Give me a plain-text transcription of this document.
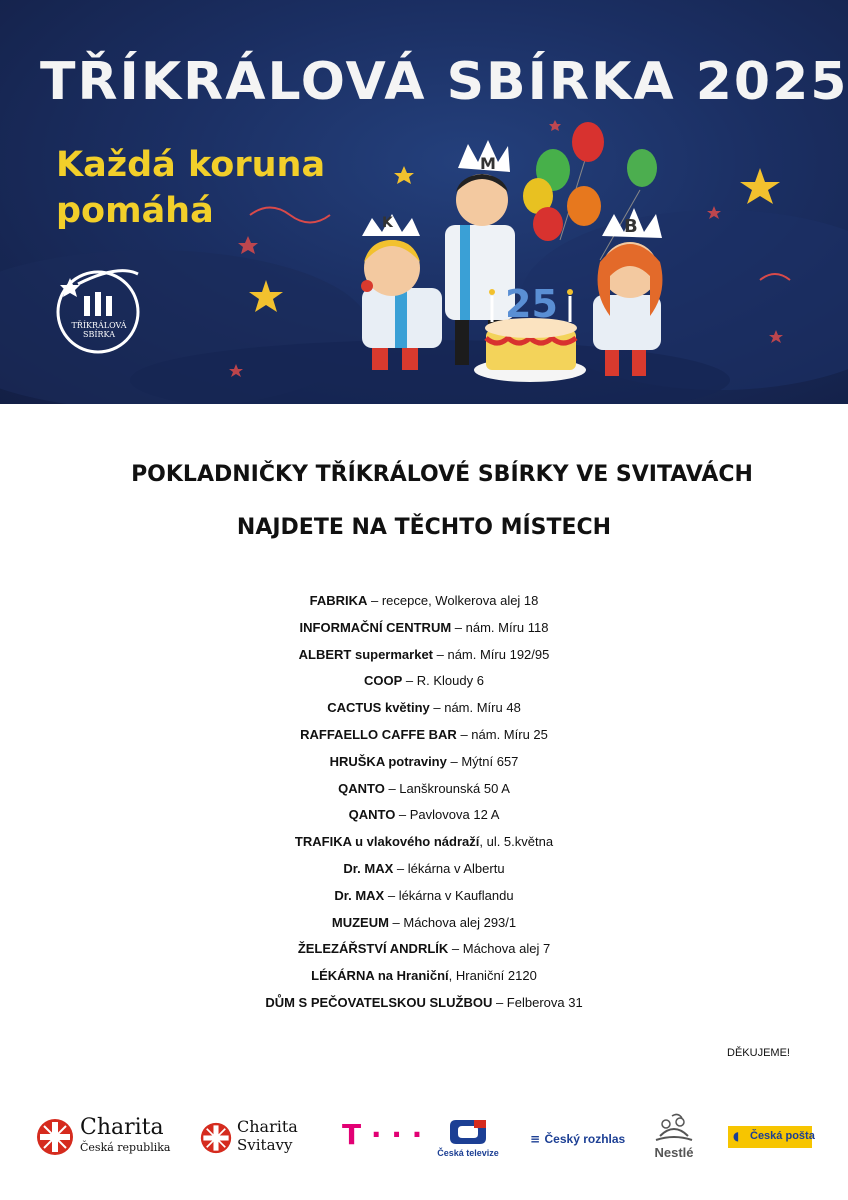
K
M
B
25
TŘÍKRÁLOVÁ SBÍRKA 2025
Každá koruna
pomáhá
TŘÍKRÁLOVÁ
SBÍRKA
POKLADNIČKY TŘÍKRÁLOVÉ SBÍRKY VE SVITAVÁCH
NAJDETE NA TĚCHTO MÍSTECH
FABRIKA – recepce, Wolkerova alej 18
INFORMAČNÍ CENTRUM – nám. Míru 118
ALBERT supermarket – nám. Míru 192/95
COOP – R. Kloudy 6
CACTUS květiny – nám. Míru 48
RAFFAELLO CAFFE BAR – nám. Míru 25
HRUŠKA potraviny – Mýtní 657
QANTO – Lanškrounská 50 A
QANTO – Pavlovova 12 A
TRAFIKA u vlakového nádraží, ul. 5.května
Dr. MAX – lékárna v Albertu
Dr. MAX – lékárna v Kauflandu
MUZEUM – Máchova alej 293/1
ŽELEZÁŘSTVÍ ANDRLÍK – Máchova alej 7
LÉKÁRNA na Hraniční, Hraniční 2120
DŮM S PEČOVATELSKOU SLUŽBOU – Felberova 31
DĚKUJEME!
Charita
Česká republika
Charita
Svitavy T · · ·
Česká televize
≡ Český rozhlas
Nestlé
◖ Česká pošta
